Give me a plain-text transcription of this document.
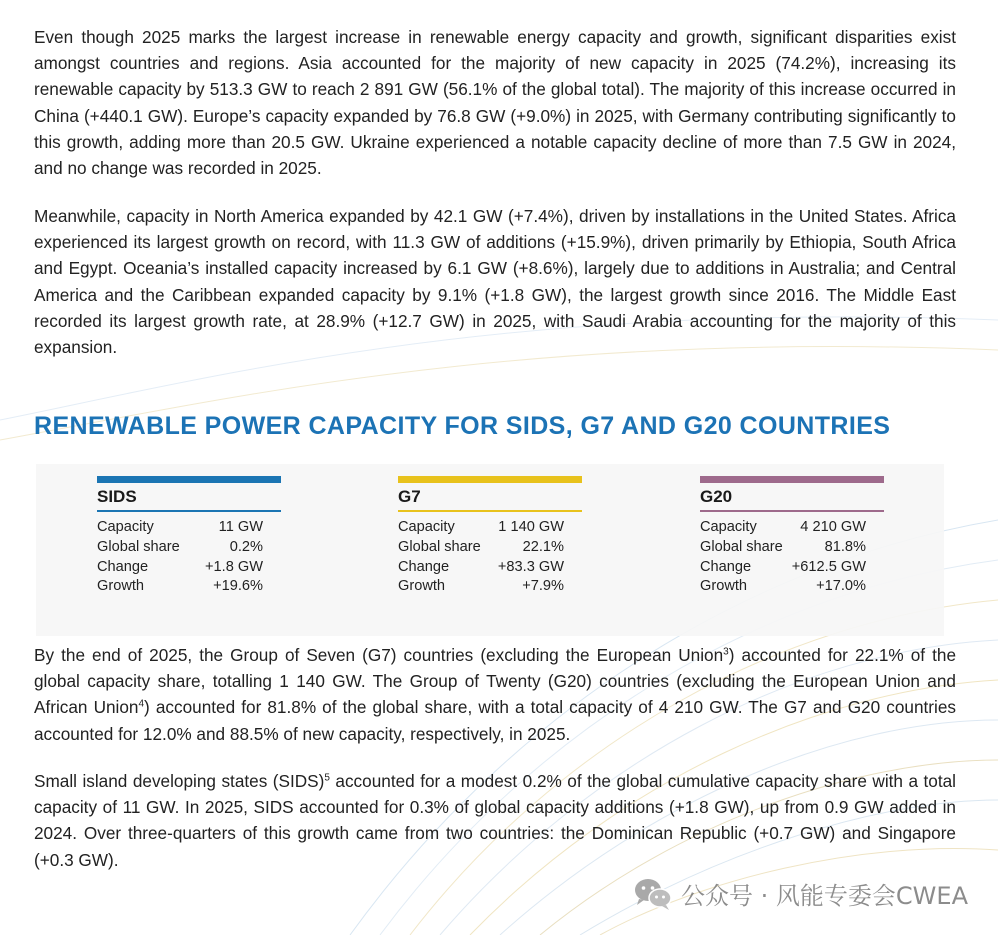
Even though 2025 marks the largest increase in renewable energy capacity and growth, significant disparities exist amongst countries and regions. Asia accounted for the majority of new capacity in 2025 (74.2%), increasing its renewable capacity by 513.3 GW to reach 2 891 GW (56.1% of the global total). The majority of this increase occurred in China (+440.1 GW). Europe’s capacity expanded by 76.8 GW (+9.0%) in 2025, with Germany contributing significantly to this growth, adding more than 20.5 GW. Ukraine experienced a notable capacity decline of more than 7.5 GW in 2024, and no change was recorded in 2025.

Meanwhile, capacity in North America expanded by 42.1 GW (+7.4%), driven by installations in the United States. Africa experienced its largest growth on record, with 11.3 GW of additions (+15.9%), driven primarily by Ethiopia, South Africa and Egypt. Oceania’s installed capacity increased by 6.1 GW (+8.6%), largely due to additions in Australia; and Central America and the Caribbean expanded capacity by 9.1% (+1.8 GW), the largest growth since 2016. The Middle East recorded its largest growth rate, at 28.9% (+12.7 GW) in 2025, with Saudi Arabia accounting for the majority of this expansion.

RENEWABLE POWER CAPACITY FOR SIDS, G7 AND G20 COUNTRIES
SIDS
Capacity	11 GW
Global share	0.2%
Change	+1.8 GW
Growth	+19.6%
G7
Capacity	1 140 GW
Global share	22.1%
Change	+83.3 GW
Growth	+7.9%
G20
Capacity	4 210 GW
Global share	81.8%
Change	+612.5 GW
Growth	+17.0%

By the end of 2025, the Group of Seven (G7) countries (excluding the European Union$^3$) accounted for 22.1% of the global capacity share, totalling 1 140 GW. The Group of Twenty (G20) countries (excluding the European Union and African Union$^4$) accounted for 81.8% of the global share, with a total capacity of 4 210 GW. The G7 and G20 countries accounted for 12.0% and 88.5% of new capacity, respectively, in 2025.

Small island developing states (SIDS)$^5$ accounted for a modest 0.2% of the global cumulative capacity share with a total capacity of 11 GW. In 2025, SIDS accounted for 0.3% of global capacity additions (+1.8 GW), up from 0.9 GW added in 2024. Over three-quarters of this growth came from two countries: the Dominican Republic (+0.7 GW) and Singapore (+0.3 GW).

公众号 · 风能专委会CWEA
